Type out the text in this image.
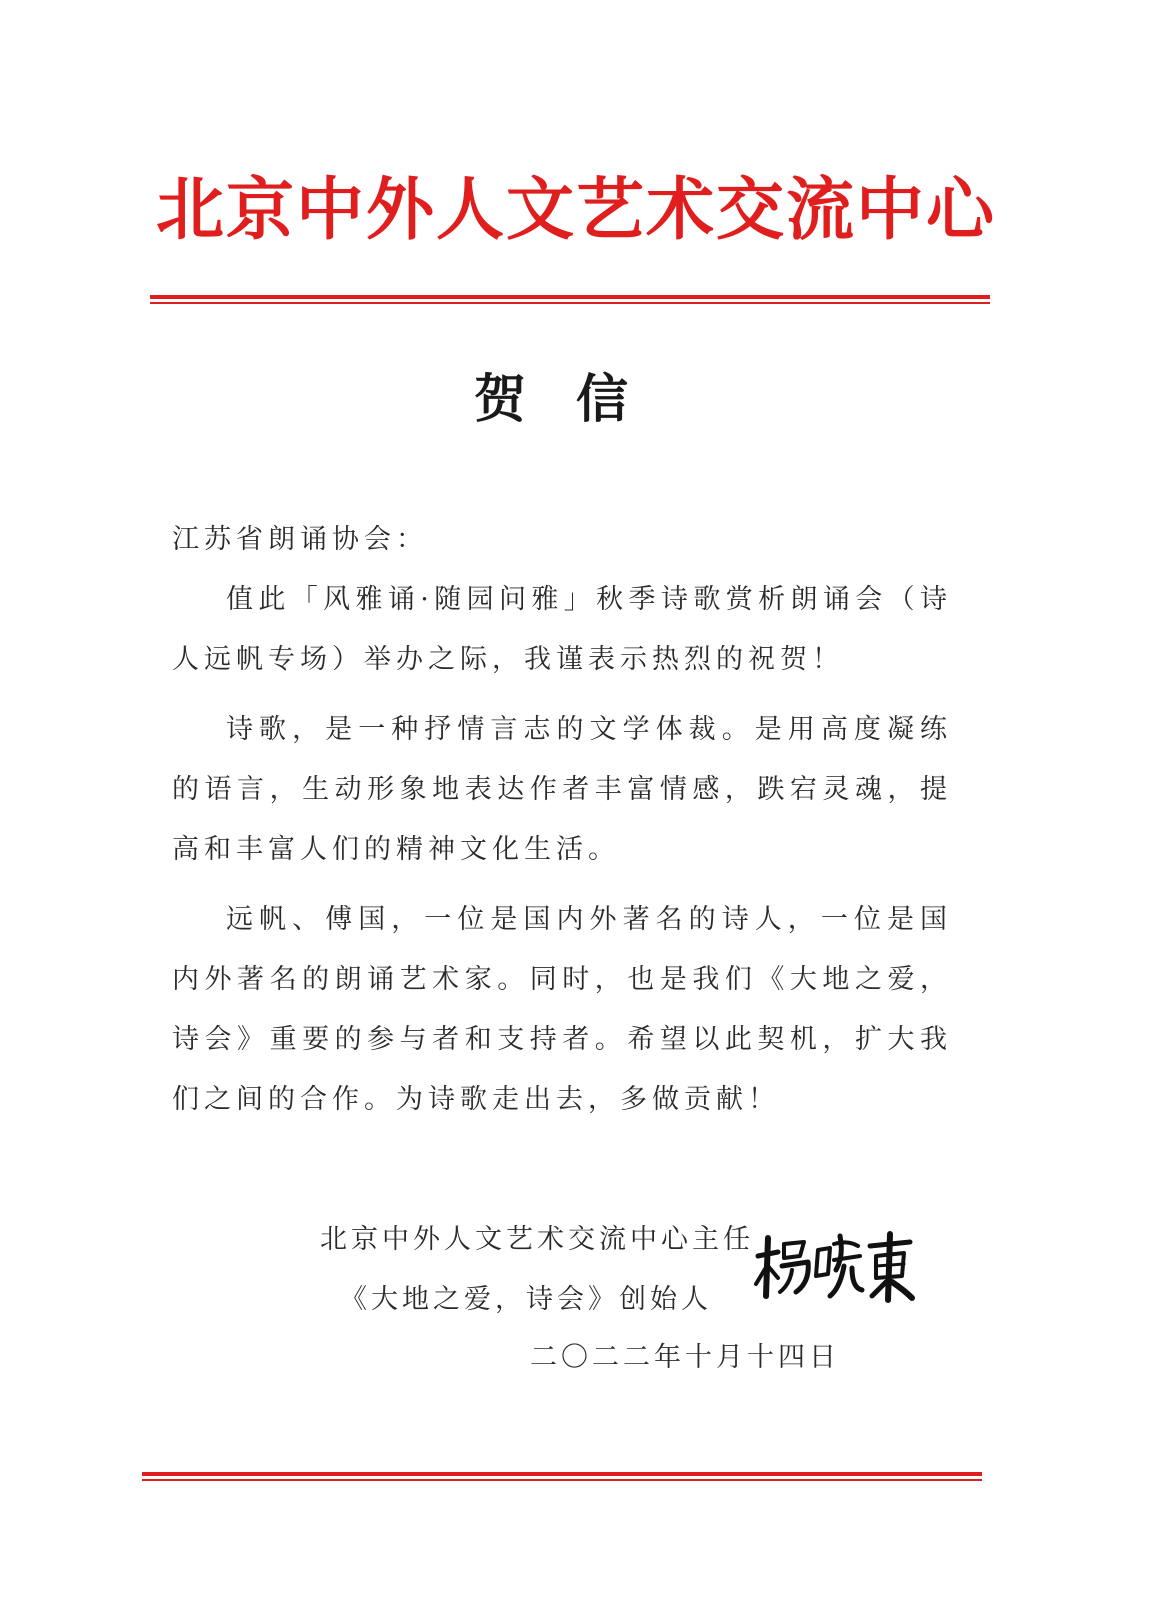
北京中外人文艺术交流中心
贺信

江苏省朗诵协会：

值此「风雅诵·随园问雅」秋季诗歌赏析朗诵会（诗人远帆专场）举办之际，我谨表示热烈的祝贺！

诗歌，是一种抒情言志的文学体裁。是用高度凝练的语言，生动形象地表达作者丰富情感，跌宕灵魂，提高和丰富人们的精神文化生活。

远帆、傅国，一位是国内外著名的诗人，一位是国内外著名的朗诵艺术家。同时，也是我们《大地之爱，诗会》重要的参与者和支持者。希望以此契机，扩大我们之间的合作。为诗歌走出去，多做贡献！

北京中外人文艺术交流中心主任
《大地之爱，诗会》创始人
二〇二二年十月十四日
